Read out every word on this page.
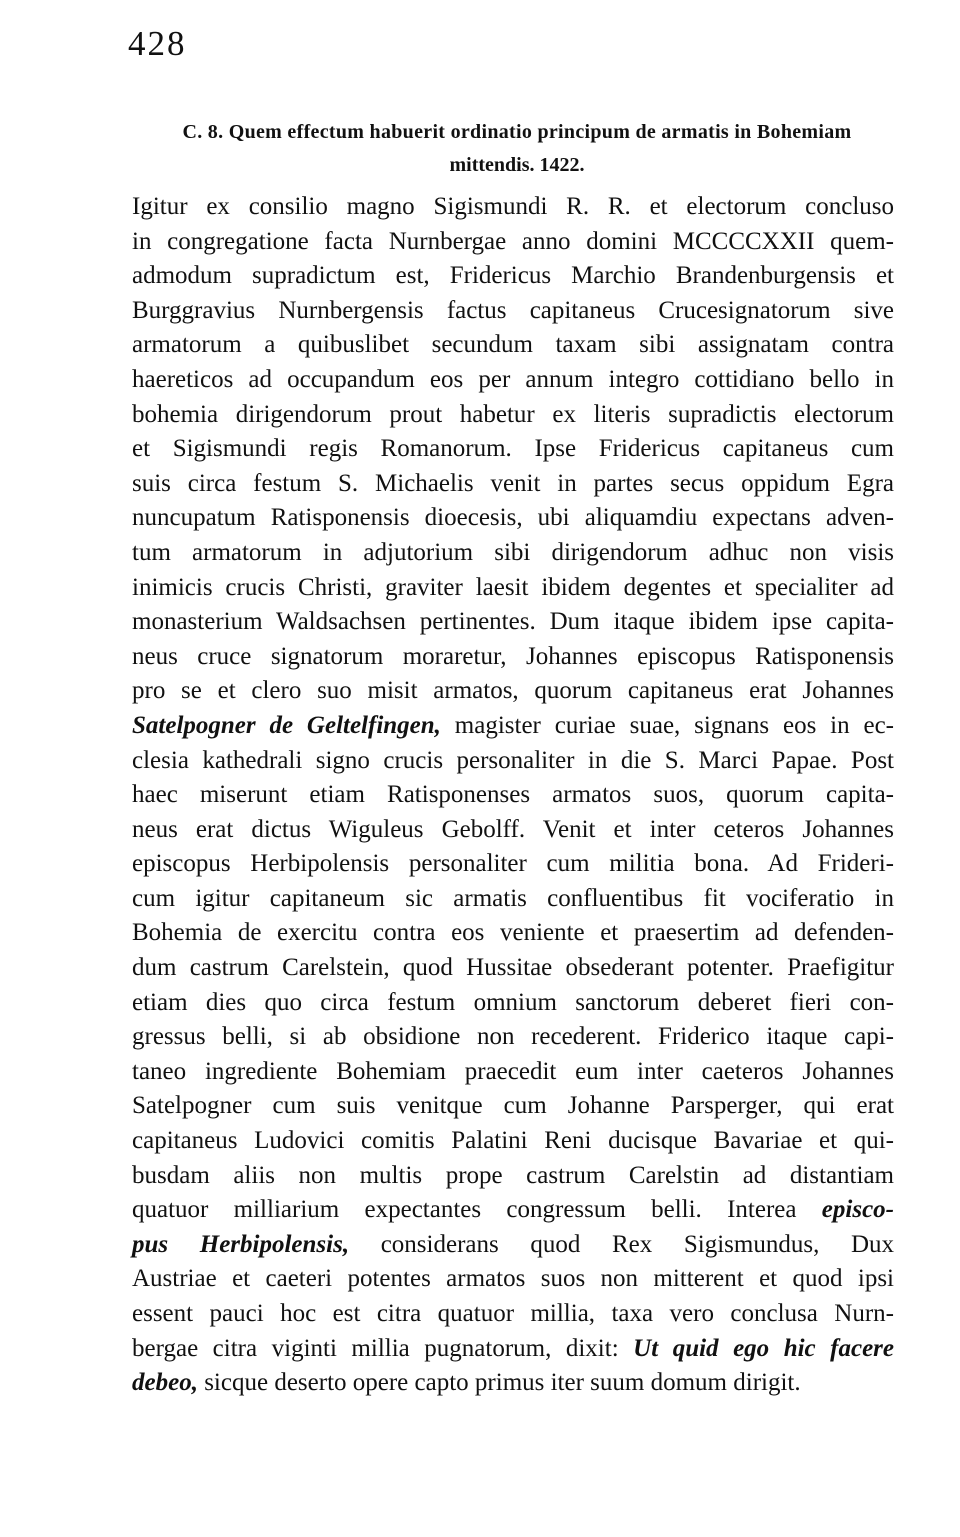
428
C. 8. Quem effectum habuerit ordinatio principum de armatis in Bohemiam
mittendis. 1422.
Igitur ex consilio magno Sigismundi R. R. et electorum concluso
in congregatione facta Nurnbergae anno domini MCCCCXXII quem-
admodum supradictum est, Fridericus Marchio Brandenburgensis et
Burggravius Nurnbergensis factus capitaneus Crucesignatorum sive
armatorum a quibuslibet secundum taxam sibi assignatam contra
haereticos ad occupandum eos per annum integro cottidiano bello in
bohemia dirigendorum prout habetur ex literis supradictis electorum
et Sigismundi regis Romanorum. Ipse Fridericus capitaneus cum
suis circa festum S. Michaelis venit in partes secus oppidum Egra
nuncupatum Ratisponensis dioecesis, ubi aliquamdiu expectans adven-
tum armatorum in adjutorium sibi dirigendorum adhuc non visis
inimicis crucis Christi, graviter laesit ibidem degentes et specialiter ad
monasterium Waldsachsen pertinentes. Dum itaque ibidem ipse capita-
neus cruce signatorum moraretur, Johannes episcopus Ratisponensis
pro se et clero suo misit armatos, quorum capitaneus erat Johannes
Satelpogner de Geltelfingen, magister curiae suae, signans eos in ec-
clesia kathedrali signo crucis personaliter in die S. Marci Papae. Post
haec miserunt etiam Ratisponenses armatos suos, quorum capita-
neus erat dictus Wiguleus Gebolff. Venit et inter ceteros Johannes
episcopus Herbipolensis personaliter cum militia bona. Ad Frideri-
cum igitur capitaneum sic armatis confluentibus fit vociferatio in
Bohemia de exercitu contra eos veniente et praesertim ad defenden-
dum castrum Carelstein, quod Hussitae obsederant potenter. Praefigitur
etiam dies quo circa festum omnium sanctorum deberet fieri con-
gressus belli, si ab obsidione non recederent. Friderico itaque capi-
taneo ingrediente Bohemiam praecedit eum inter caeteros Johannes
Satelpogner cum suis venitque cum Johanne Parsperger, qui erat
capitaneus Ludovici comitis Palatini Reni ducisque Bavariae et qui-
busdam aliis non multis prope castrum Carelstin ad distantiam
quatuor milliarium expectantes congressum belli. Interea episco-
pus Herbipolensis, considerans quod Rex Sigismundus, Dux
Austriae et caeteri potentes armatos suos non mitterent et quod ipsi
essent pauci hoc est citra quatuor millia, taxa vero conclusa Nurn-
bergae citra viginti millia pugnatorum, dixit: Ut quid ego hic facere
debeo, sicque deserto opere capto primus iter suum domum dirigit.
